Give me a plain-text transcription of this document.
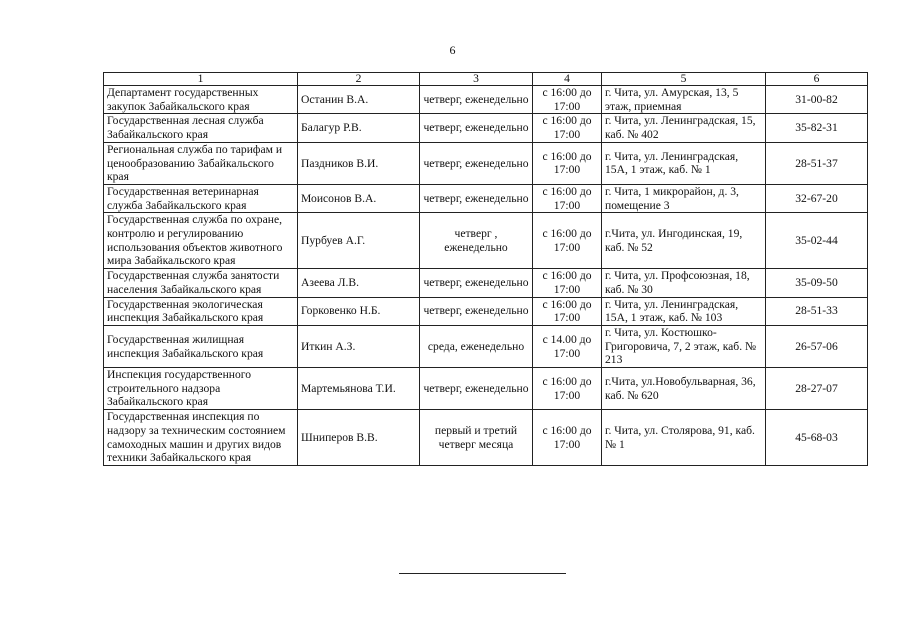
6
1	2	3	4	5	6
Департамент государственных закупок Забайкальского края	Останин В.А.	четверг, еженедельно	с 16:00 до 17:00	г. Чита, ул. Амурская, 13, 5 этаж, приемная	31-00-82
Государственная лесная служба Забайкальского края	Балагур Р.В.	четверг, еженедельно	с 16:00 до 17:00	г. Чита, ул. Ленинградская, 15, каб. № 402	35-82-31
Региональная служба по тарифам и ценообразованию Забайкальского края	Паздников В.И.	четверг, еженедельно	с 16:00 до 17:00	г. Чита, ул. Ленинградская, 15А, 1 этаж, каб. № 1	28-51-37
Государственная ветеринарная служба Забайкальского края	Моисонов В.А.	четверг, еженедельно	с 16:00 до 17:00	г. Чита, 1 микрорайон, д. 3, помещение 3	32-67-20
Государственная служба по охране, контролю и регулированию использования объектов животного мира Забайкальского края	Пурбуев А.Г.	четверг , еженедельно	с 16:00 до 17:00	г.Чита, ул. Ингодинская, 19, каб. № 52	35-02-44
Государственная служба занятости населения Забайкальского края	Азеева Л.В.	четверг, еженедельно	с 16:00 до 17:00	г. Чита, ул. Профсоюзная, 18, каб. № 30	35-09-50
Государственная экологическая инспекция Забайкальского края	Горковенко Н.Б.	четверг, еженедельно	с 16:00 до 17:00	г. Чита, ул. Ленинградская, 15А, 1 этаж, каб. № 103	28-51-33
Государственная жилищная инспекция Забайкальского края	Иткин А.З.	среда, еженедельно	с 14.00 до 17:00	г. Чита, ул. Костюшко-Григоровича, 7, 2 этаж, каб. № 213	26-57-06
Инспекция государственного строительного надзора Забайкальского края	Мартемьянова Т.И.	четверг, еженедельно	с 16:00 до 17:00	г.Чита, ул.Новобульварная, 36, каб. № 620	28-27-07
Государственная инспекция по надзору за техническим состоянием самоходных машин и других видов техники Забайкальского края	Шниперов В.В.	первый и третий четверг месяца	с 16:00 до 17:00	г. Чита, ул. Столярова, 91, каб. № 1	45-68-03
